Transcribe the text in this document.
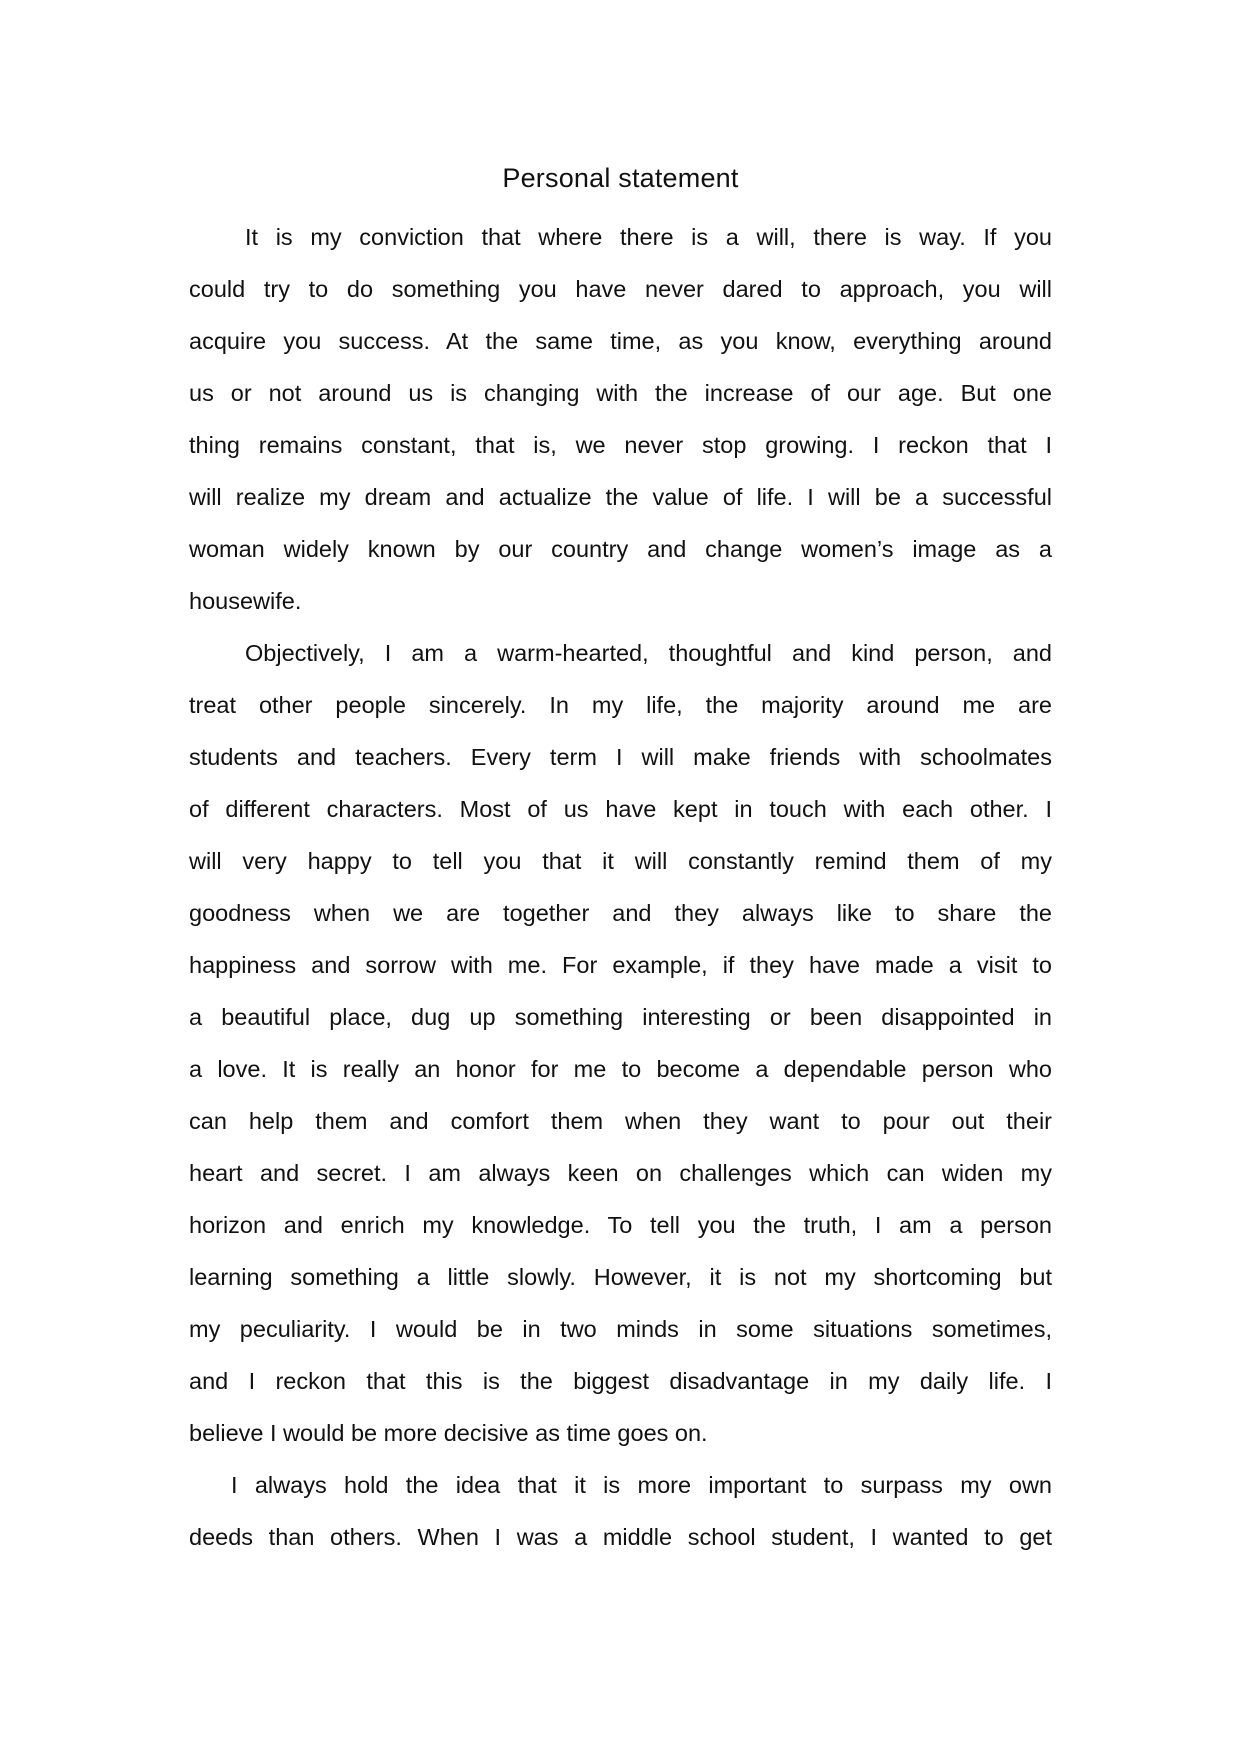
Personal statement
It is my conviction that where there is a will, there is way. If you
could try to do something you have never dared to approach, you will
acquire you success. At the same time, as you know, everything around
us or not around us is changing with the increase of our age. But one
thing remains constant, that is, we never stop growing. I reckon that I
will realize my dream and actualize the value of life. I will be a successful
woman widely known by our country and change women’s image as a
housewife.
Objectively, I am a warm-hearted, thoughtful and kind person, and
treat other people sincerely. In my life, the majority around me are
students and teachers. Every term I will make friends with schoolmates
of different characters. Most of us have kept in touch with each other. I
will very happy to tell you that it will constantly remind them of my
goodness when we are together and they always like to share the
happiness and sorrow with me. For example, if they have made a visit to
a beautiful place, dug up something interesting or been disappointed in
a love. It is really an honor for me to become a dependable person who
can help them and comfort them when they want to pour out their
heart and secret. I am always keen on challenges which can widen my
horizon and enrich my knowledge. To tell you the truth, I am a person
learning something a little slowly. However, it is not my shortcoming but
my peculiarity. I would be in two minds in some situations sometimes,
and I reckon that this is the biggest disadvantage in my daily life. I
believe I would be more decisive as time goes on.
I always hold the idea that it is more important to surpass my own
deeds than others. When I was a middle school student, I wanted to get
